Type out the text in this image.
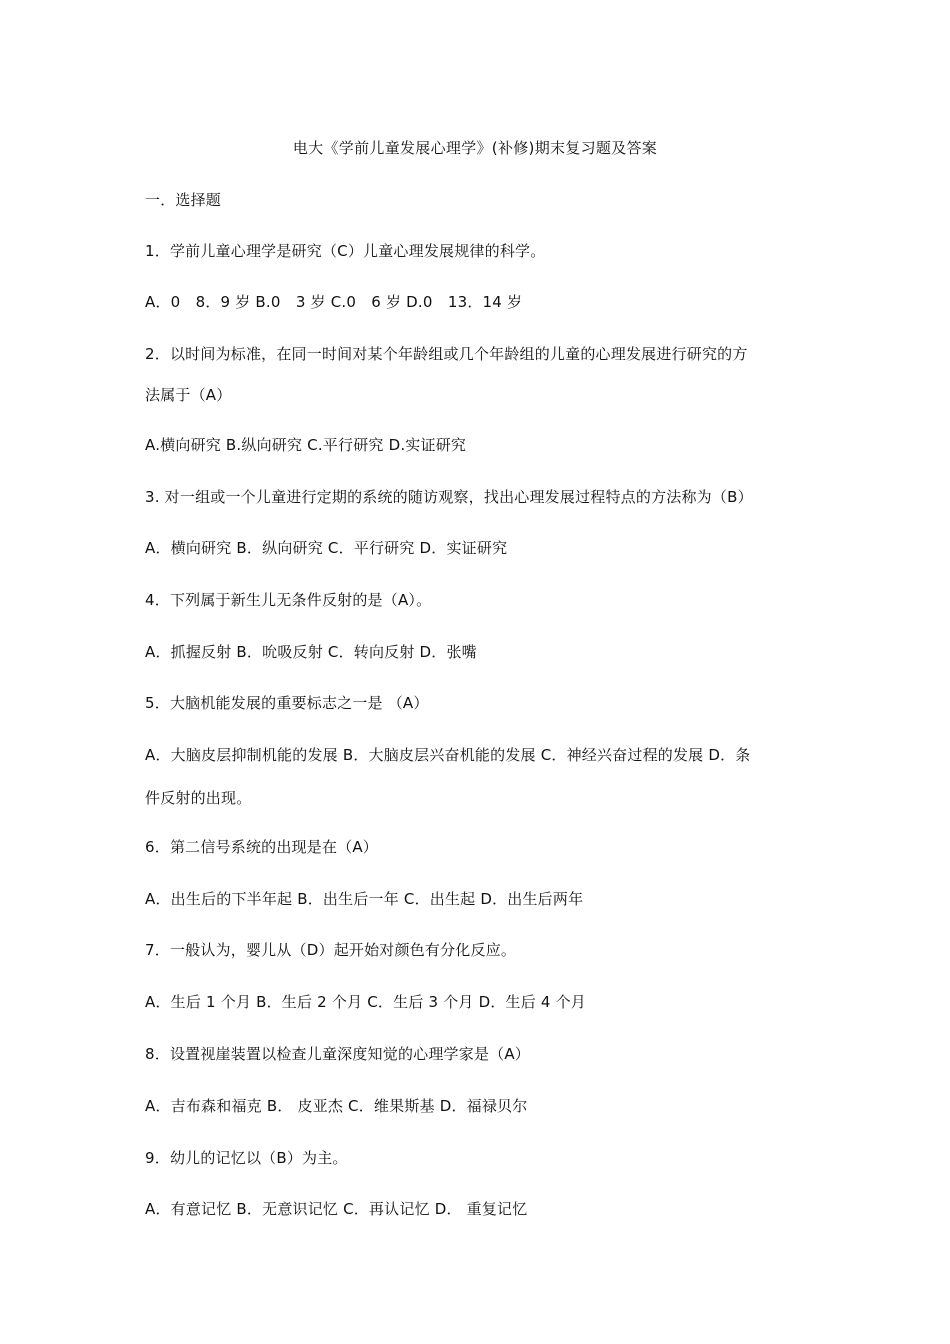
电大《学前儿童发展心理学》(补修)期末复习题及答案
一．选择题
1．学前儿童心理学是研究（C）儿童心理发展规律的科学。
A．0　8．9 岁 B.0　3 岁 C.0　6 岁 D.0　13．14 岁
2．以时间为标准，在同一时间对某个年龄组或几个年龄组的儿童的心理发展进行研究的方
法属于（A）
A.横向研究 B.纵向研究 C.平行研究 D.实证研究
3. 对一组或一个儿童进行定期的系统的随访观察，找出心理发展过程特点的方法称为（B）
A．横向研究 B．纵向研究 C．平行研究 D．实证研究
4．下列属于新生儿无条件反射的是（A）。
A．抓握反射 B．吮吸反射 C．转向反射 D．张嘴
5．大脑机能发展的重要标志之一是 （A）
A．大脑皮层抑制机能的发展 B．大脑皮层兴奋机能的发展 C．神经兴奋过程的发展 D．条
件反射的出现。
6．第二信号系统的出现是在（A）
A．出生后的下半年起 B．出生后一年 C．出生起 D．出生后两年
7．一般认为，婴儿从（D）起开始对颜色有分化反应。
A．生后 1 个月 B．生后 2 个月 C．生后 3 个月 D．生后 4 个月
8．设置视崖装置以检查儿童深度知觉的心理学家是（A）
A．吉布森和福克 B． 皮亚杰 C．维果斯基 D．福禄贝尔
9．幼儿的记忆以（B）为主。
A．有意记忆 B．无意识记忆 C．再认记忆 D． 重复记忆
